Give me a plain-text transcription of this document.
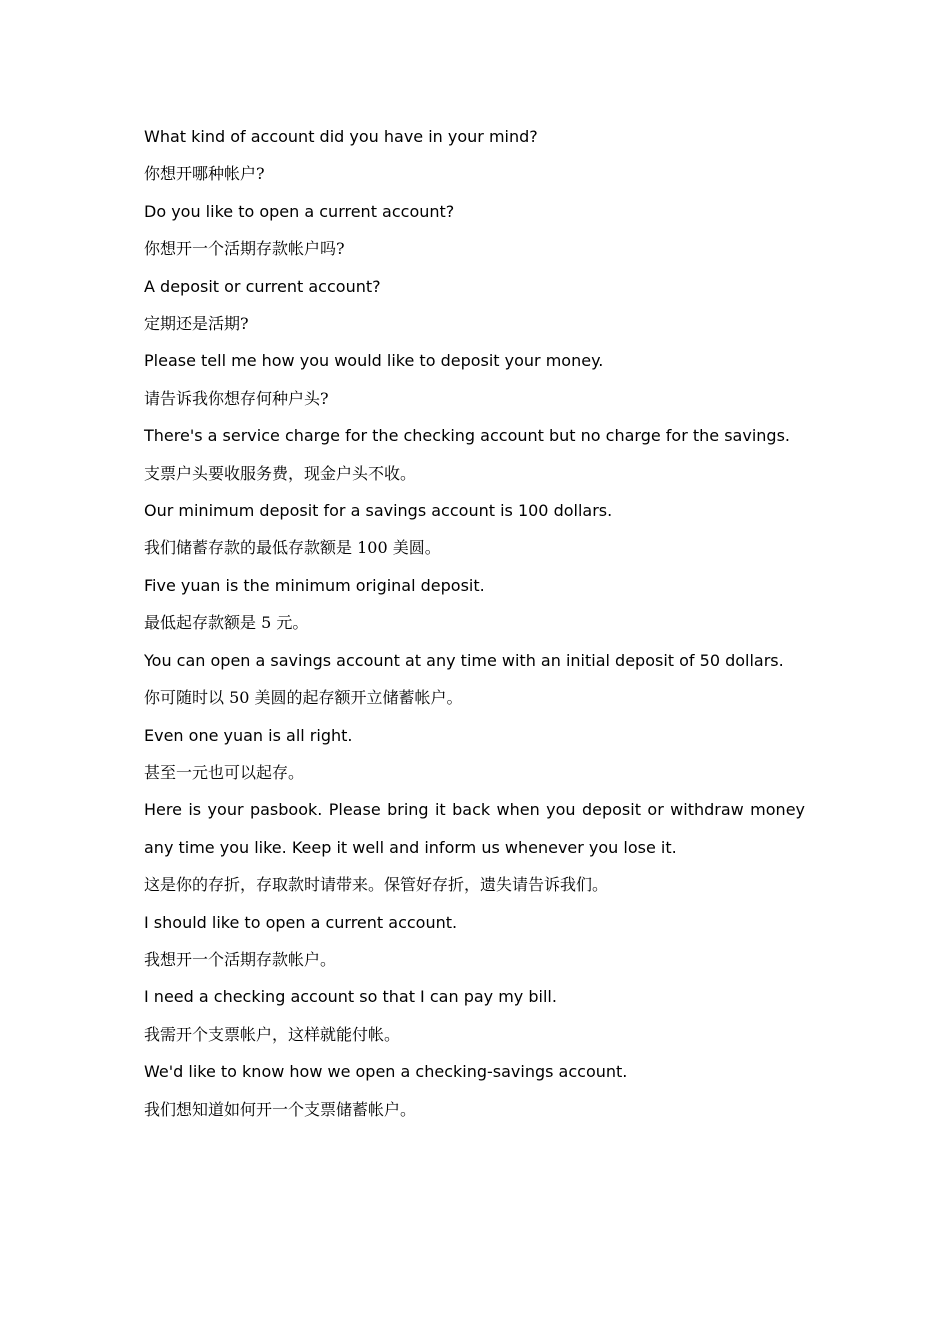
What kind of account did you have in your mind?

你想开哪种帐户?

Do you like to open a current account?

你想开一个活期存款帐户吗?

A deposit or current account?

定期还是活期?

Please tell me how you would like to deposit your money.

请告诉我你想存何种户头?

There's a service charge for the checking account but no charge for the savings.

支票户头要收服务费，现金户头不收。

Our minimum deposit for a savings account is 100 dollars.

我们储蓄存款的最低存款额是 100 美圆。

Five yuan is the minimum original deposit.

最低起存款额是 5 元。

You can open a savings account at any time with an initial deposit of 50 dollars.

你可随时以 50 美圆的起存额开立储蓄帐户。

Even one yuan is all right.

甚至一元也可以起存。

Here is your pasbook. Please bring it back when you deposit or withdraw money any time you like. Keep it well and inform us whenever you lose it.

这是你的存折，存取款时请带来。保管好存折，遗失请告诉我们。

I should like to open a current account.

我想开一个活期存款帐户。

I need a checking account so that I can pay my bill.

我需开个支票帐户，这样就能付帐。

We'd like to know how we open a checking-savings account.

我们想知道如何开一个支票储蓄帐户。
